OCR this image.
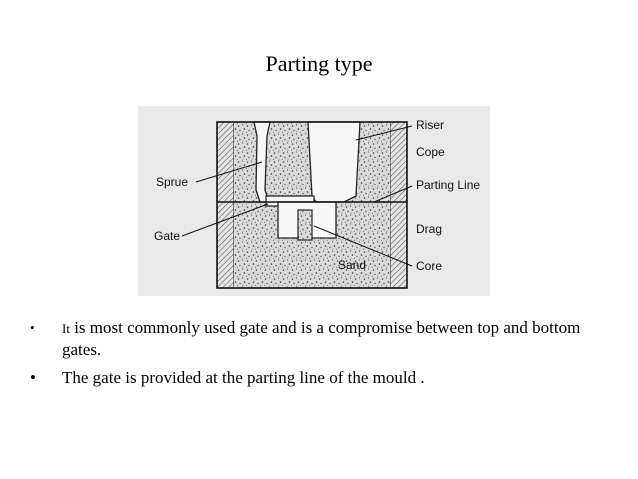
Parting type
Riser
Cope
Sprue	Parting Line
Gate	Drag
Sand	Core
• It is most commonly used gate and is a compromise between top and bottom gates.
• The gate is provided at the parting line of the mould .
